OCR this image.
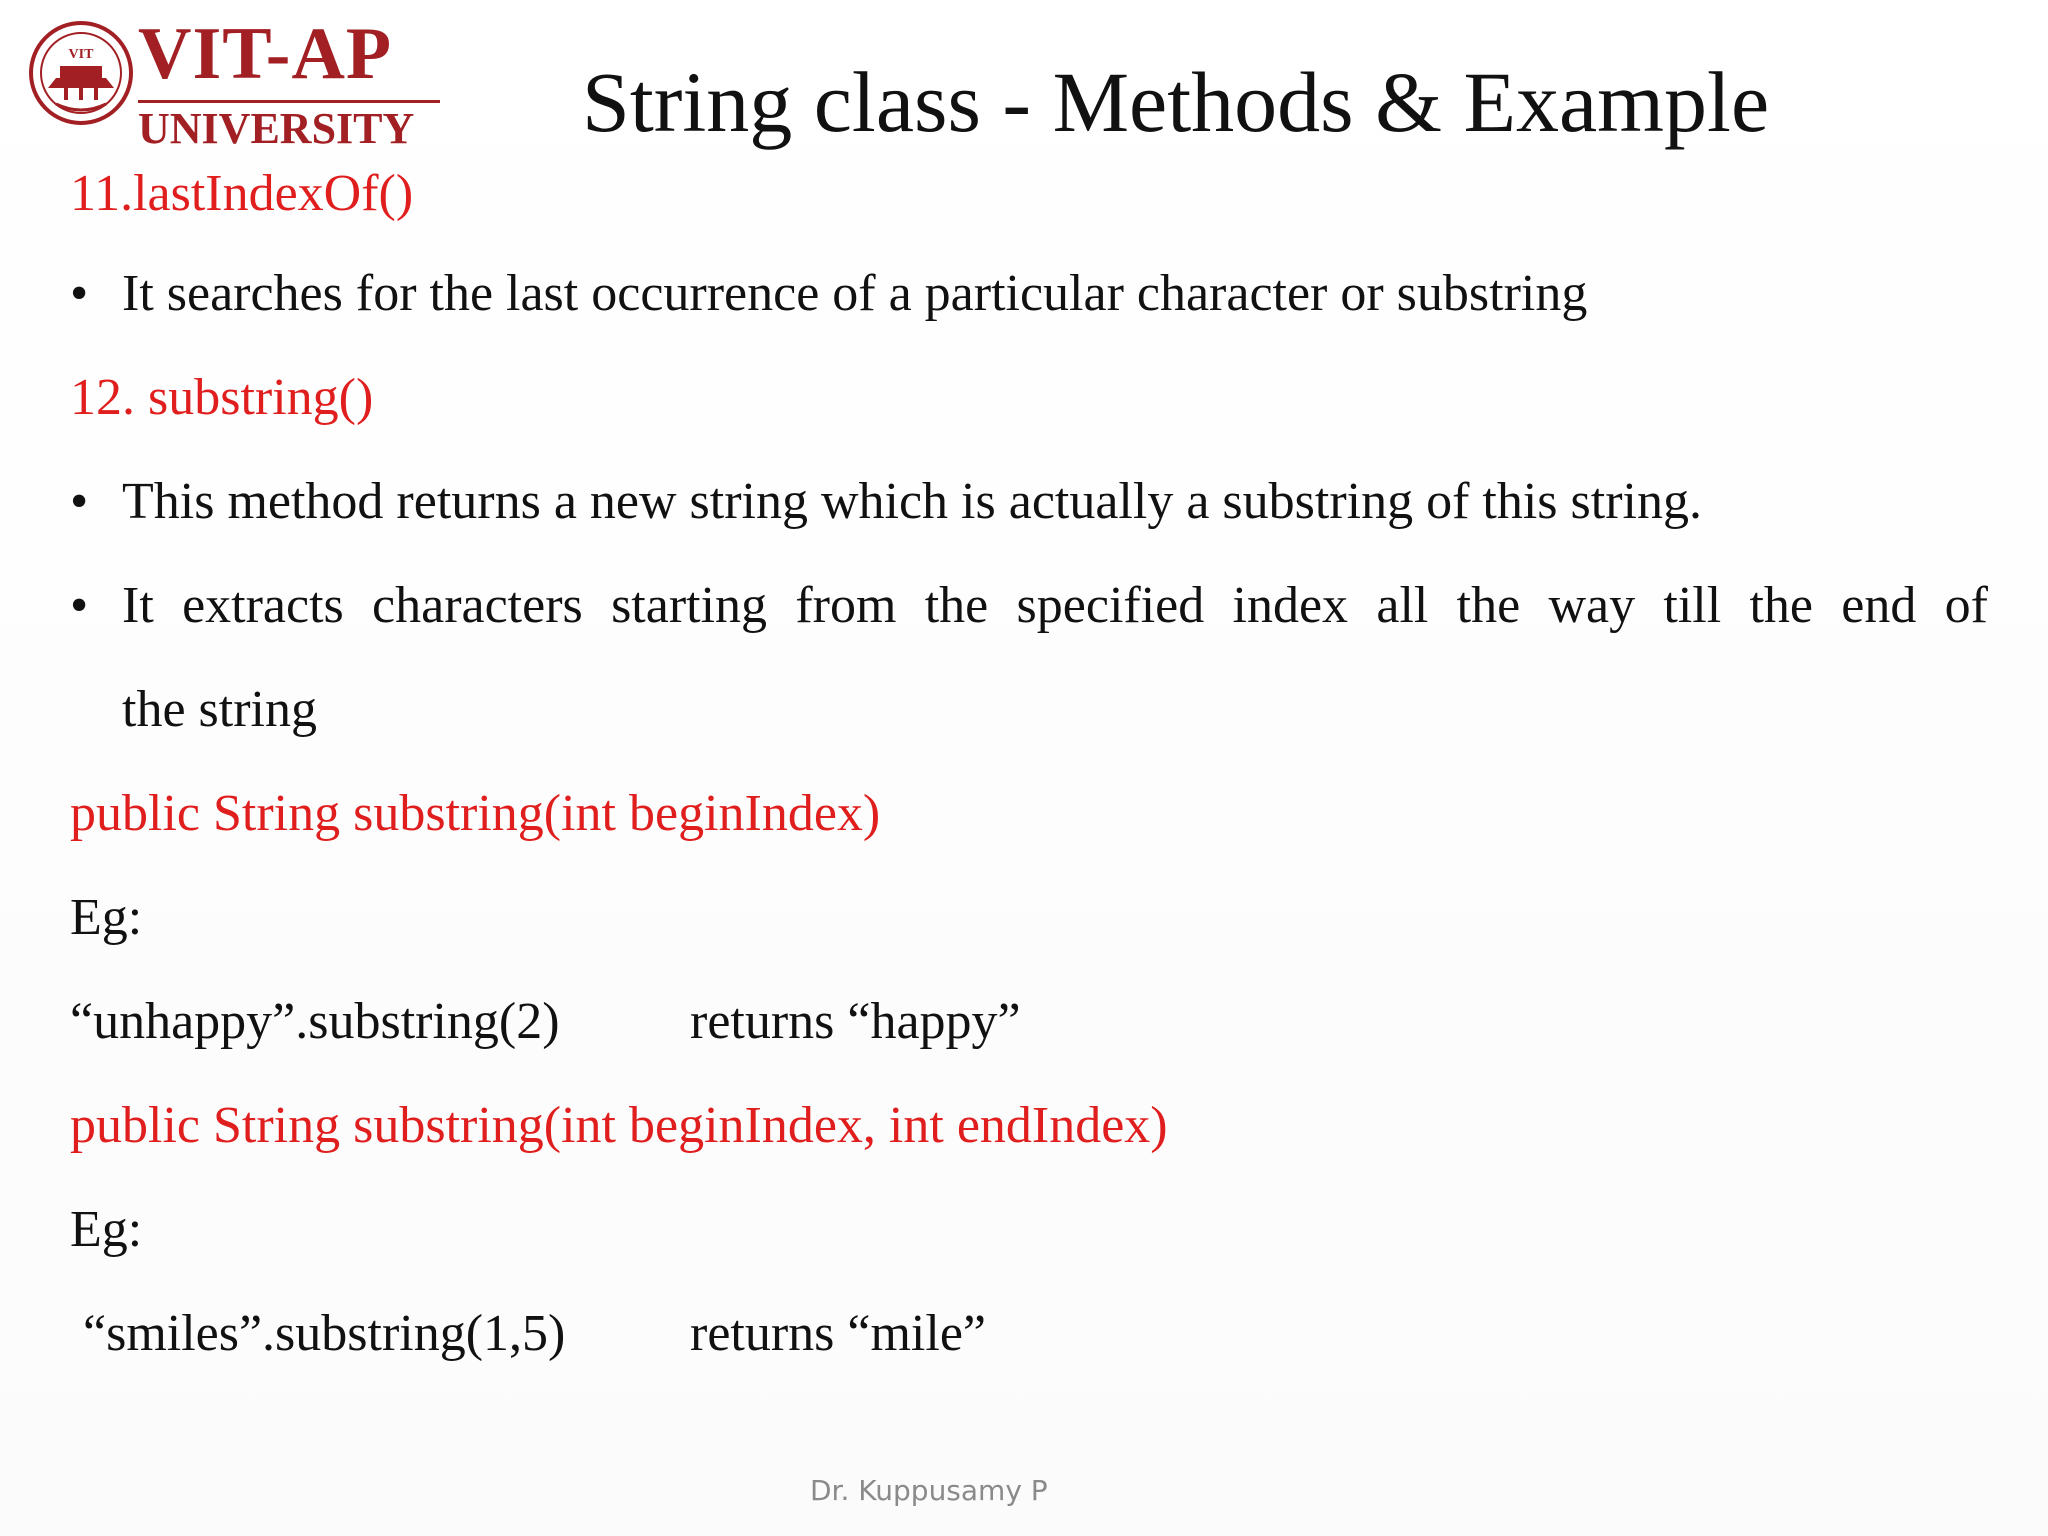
VIT VIT-AP
UNIVERSITY String class - Methods & Example
11.lastIndexOf()
• It searches for the last occurrence of a particular character or substring
12. substring()
• This method returns a new string which is actually a substring of this string.
• It extracts characters starting from the specified index all the way till the end of
the string
public String substring(int beginIndex)
Eg:
“unhappy”.substring(2)	returns “happy”
public String substring(int beginIndex, int endIndex)
Eg:
“smiles”.substring(1,5) returns “mile”
Dr. Kuppusamy P
